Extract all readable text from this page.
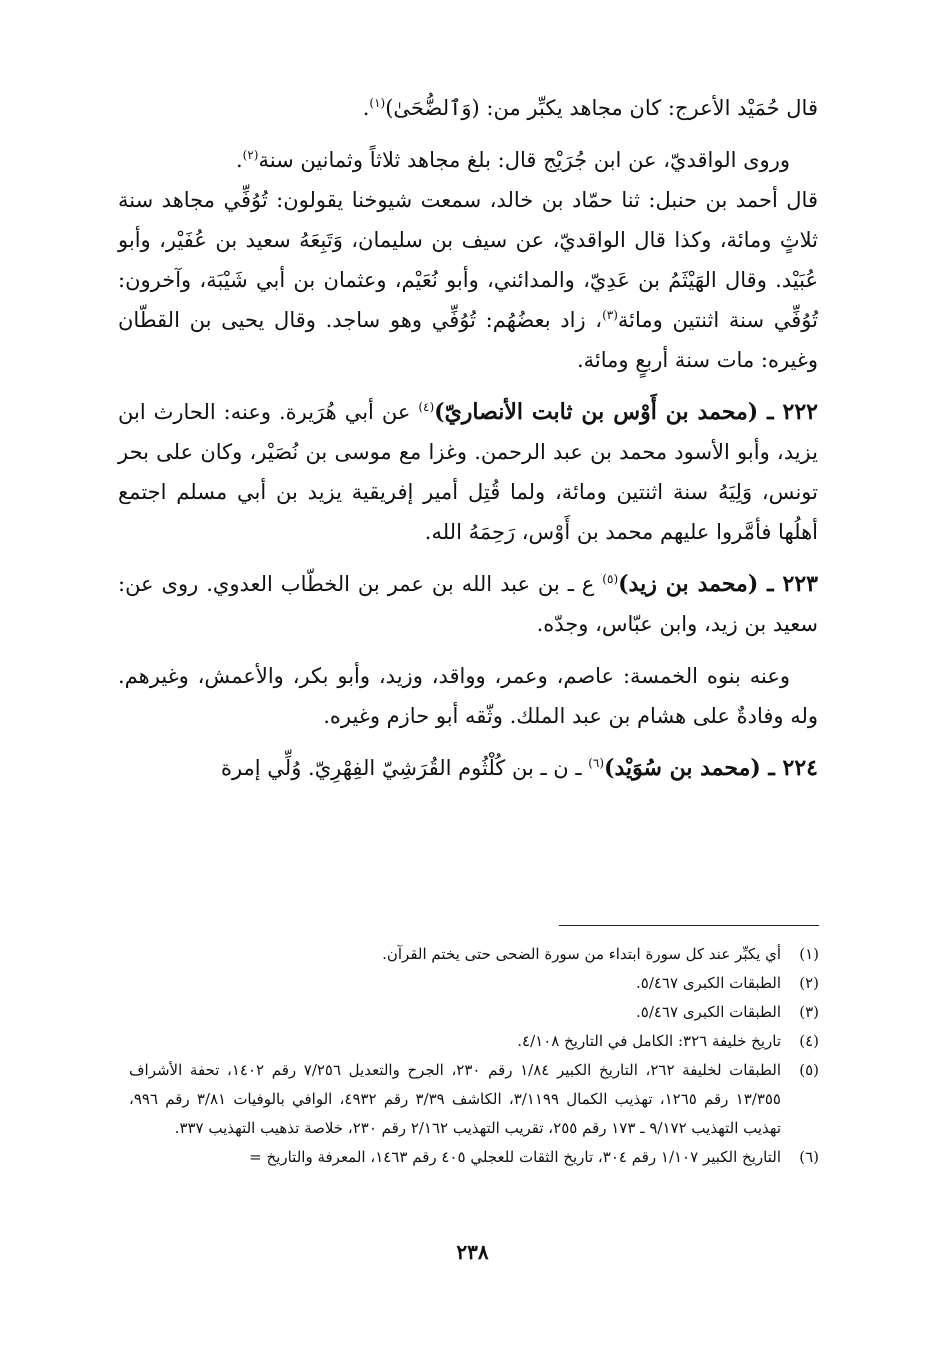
قال حُمَيْد الأعرج: كان مجاهد يكبِّر من: (وَٱلضُّحَىٰ)$^{(١)}$.

وروى الواقديّ، عن ابن جُرَيْج قال: بلغ مجاهد ثلاثاً وثمانين سنة$^{(٢)}$.

قال أحمد بن حنبل: ثنا حمّاد بن خالد، سمعت شيوخنا يقولون: تُوُفِّي مجاهد سنة ثلاثٍ ومائة، وكذا قال الواقديّ، عن سيف بن سليمان، وَتَبِعَهُ سعيد بن عُفَيْر، وأبو عُبَيْد. وقال الهَيْثَمُ بن عَدِيّ، والمدائني، وأبو نُعَيْم، وعثمان بن أبي شَيْبَة، وآخرون: تُوُفِّي سنة اثنتين ومائة$^{(٣)}$، زاد بعضُهُم: تُوُفِّي وهو ساجد. وقال يحيى بن القطّان وغيره: مات سنة أربعٍ ومائة.

٢٢٢ ـ (محمد بن أَوْس بن ثابت الأنصاريّ)$^{(٤)}$ عن أبي هُرَيرة. وعنه: الحارث ابن يزيد، وأبو الأسود محمد بن عبد الرحمن. وغزا مع موسى بن نُصَيْر، وكان على بحر تونس، وَلِيَهُ سنة اثنتين ومائة، ولما قُتِل أمير إفريقية يزيد بن أبي مسلم اجتمع أهلُها فأمَّروا عليهم محمد بن أَوْس، رَحِمَهُ الله.

٢٢٣ ـ (محمد بن زيد)$^{(٥)}$ ع ـ بن عبد الله بن عمر بن الخطّاب العدوي. روى عن: سعيد بن زيد، وابن عبّاس، وجدّه.

وعنه بنوه الخمسة: عاصم، وعمر، وواقد، وزيد، وأبو بكر، والأعمش، وغيرهم. وله وفادةٌ على هشام بن عبد الملك. وثّقه أبو حازم وغيره.

٢٢٤ ـ (محمد بن سُوَيْد)$^{(٦)}$ ـ ن ـ بن كُلْثُوم القُرَشِيّ الفِهْرِيّ. وُلِّي إمرة

(١)
أي يكبِّر عند كل سورة ابتداء من سورة الضحى حتى يختم القرآن.

(٢)
الطبقات الكبرى ٥/٤٦٧.

(٣)
الطبقات الكبرى ٥/٤٦٧.

(٤)
تاريخ خليفة ٣٢٦: الكامل في التاريخ ٤/١٠٨.

(٥)
الطبقات لخليفة ٢٦٢، التاريخ الكبير ١/٨٤ رقم ٢٣٠، الجرح والتعديل ٧/٢٥٦ رقم ١٤٠٢، تحفة الأشراف ١٣/٣٥٥ رقم ١٢٦٥، تهذيب الكمال ٣/١١٩٩، الكاشف ٣/٣٩ رقم ٤٩٣٢، الوافي بالوفيات ٣/٨١ رقم ٩٩٦، تهذيب التهذيب ٩/١٧٢ ـ ١٧٣ رقم ٢٥٥، تقريب التهذيب ٢/١٦٢ رقم ٢٣٠، خلاصة تذهيب التهذيب ٣٣٧.

(٦)
التاريخ الكبير ١/١٠٧ رقم ٣٠٤، تاريخ الثقات للعجلي ٤٠٥ رقم ١٤٦٣، المعرفة والتاريخ =

٢٣٨
